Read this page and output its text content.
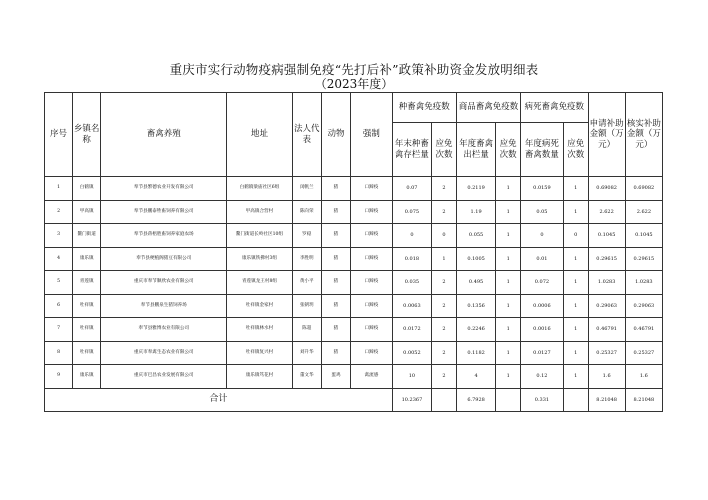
重庆市实行动物疫病强制免疫“先打后补”政策补助资金发放明细表
（2023年度）
序号	乡镇名称	畜禽养殖	地址	法人代表	动物	强制	种畜禽免疫数		商品畜禽免疫数		病死畜禽免疫数		申请补助金额（万元）	核实补助金额（万元）
							年末种畜禽存栏量	应免次数	年度畜禽出栏量	应免次数	年度病死畜禽数量	应免次数		
1	白鹤镇	奉节县繁德农业开发有限公司	白鹤镇梁庙社区6组	闵帆兰	猪	口蹄疫	0.07	2	0.2119	1	0.0159	1	0.69082	0.69082
2	甲高镇	奉节县鹏泰牲畜饲养有限公司	甲高镇合营村	陈向荣	猪	口蹄疫	0.075	2	1.19	1	0.05	1	2.622	2.622
3	鳌门街道	奉节县蒋梧胜畜饲养家庭农场	鳌门街道长岭社区10组	罗稳	猪	口蹄疫	0	0	0.055	1	0	0	0.1045	0.1045
4	康乐镇	奉节县梗植阁猪豆有限公司	康乐镇铁佛村3组	李胜明	猪	口蹄疫	0.018	1	0.1005	1	0.01	1	0.29615	0.29615
5	青莲镇	重庆市奉节顺欣农业有限公司	青莲镇龙王村8组	黄小平	猪	口蹄疫	0.035	2	0.495	1	0.072	1	1.0283	1.0283
6	吐祥镇	奉节县鹏泉生猪饲养场	吐祥镇金家村	张朝玥	猪	口蹄疫	0.0063	2	0.1356	1	0.0006	1	0.29063	0.29063
7	吐祥镇	奉节县雅博农业有限公司	吐祥镇林水村	陈超	猪	口蹄疫	0.0172	2	0.2246	1	0.0016	1	0.46791	0.46791
8	吐祥镇	重庆市奉禽生态农业有限公司	吐祥镇复兴村	刘升华	猪	口蹄疫	0.0052	2	0.1182	1	0.0127	1	0.25327	0.25327
9	康乐镇	重庆市巴昌农业发展有限公司	康乐镇笃花村	董文华	蛋鸡	禽流感	10	2	4	1	0.12	1	1.6	1.6
合计							10.2367		6.7928		0.331		8.21048	8.21048
